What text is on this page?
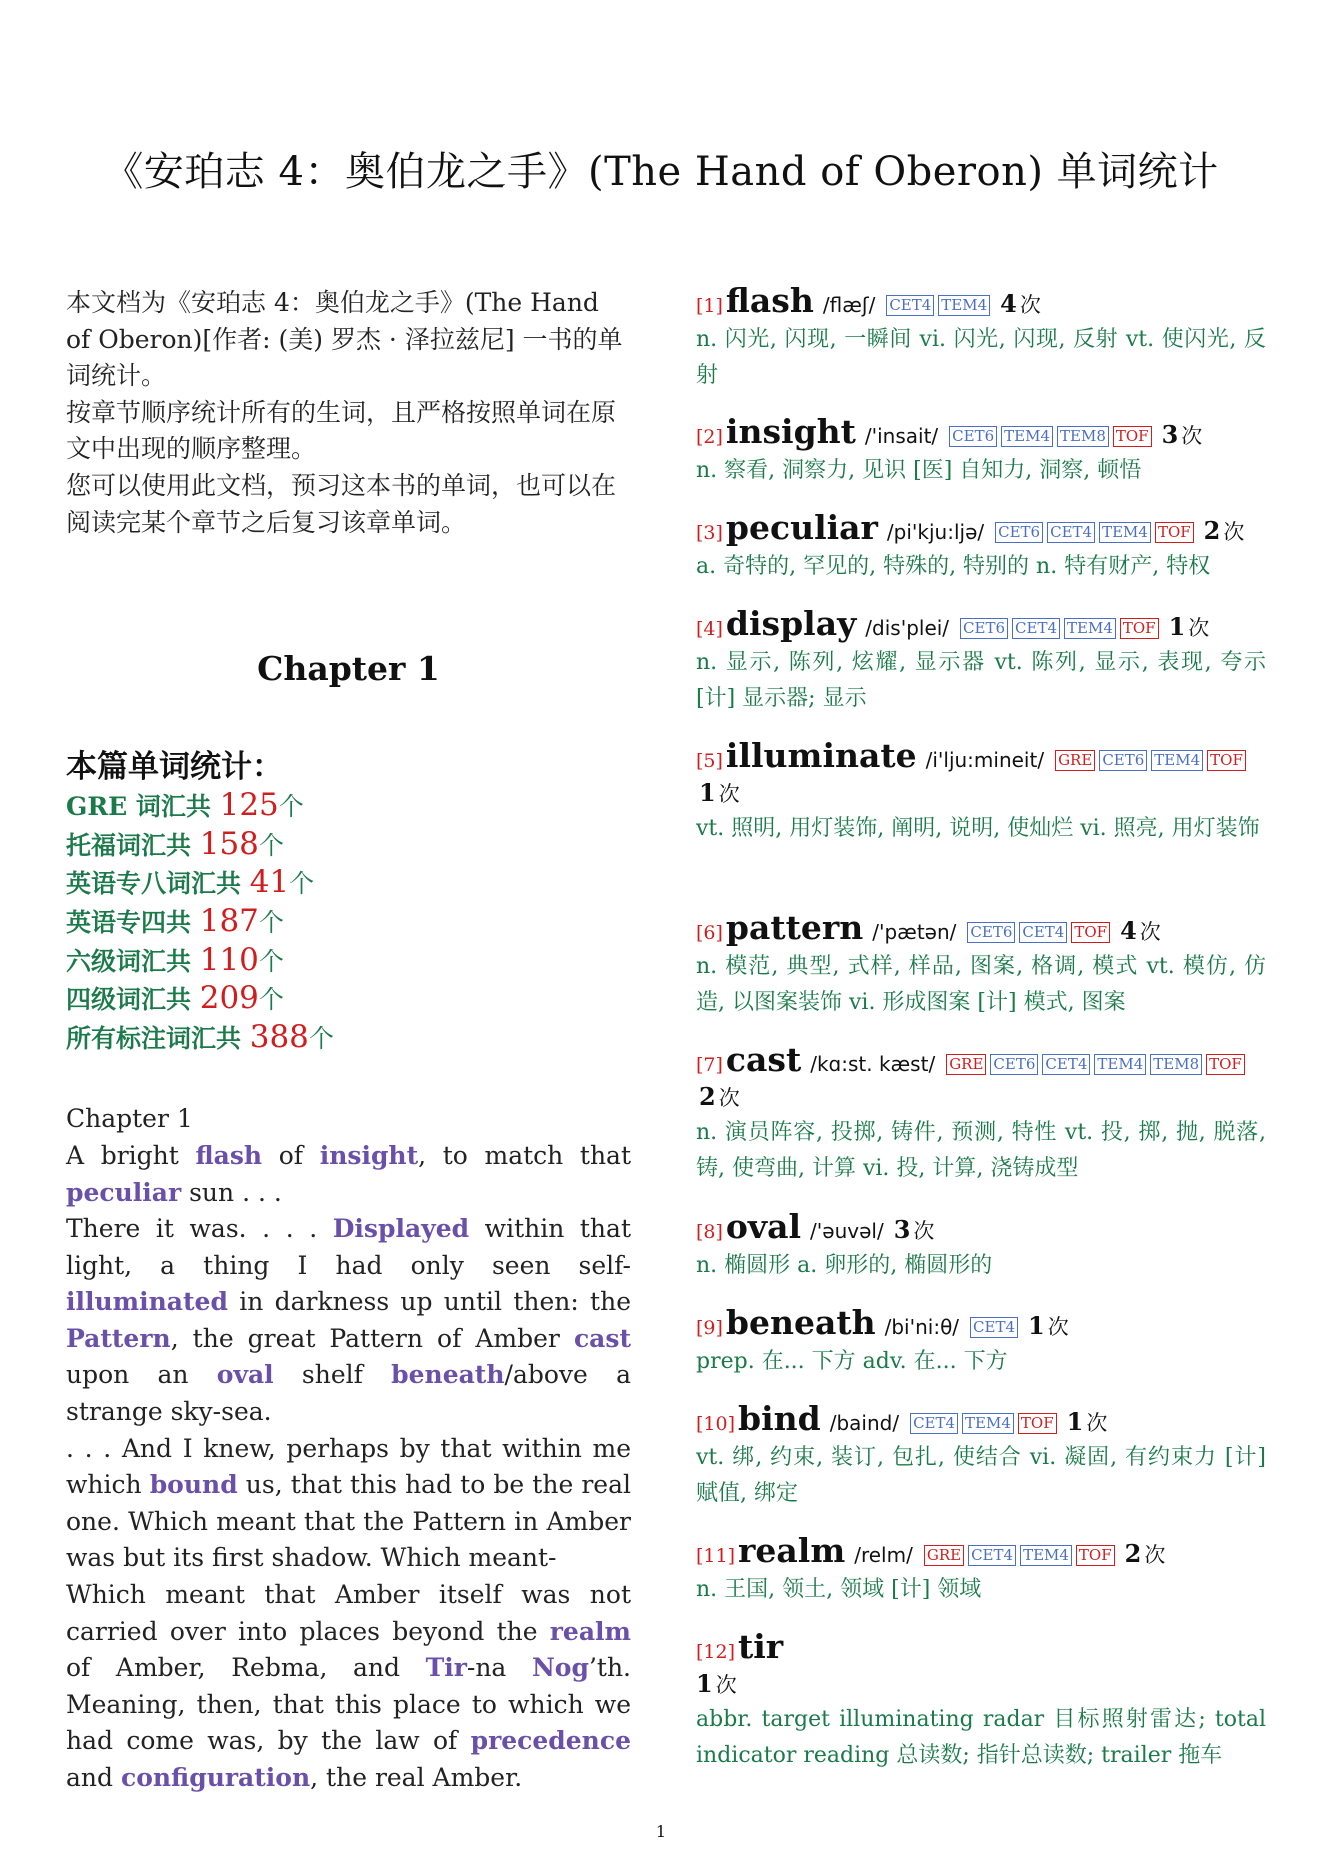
《安珀志 4：奥伯龙之手》(The Hand of Oberon) 单词统计

本文档为《安珀志 4：奥伯龙之手》(The Hand of Oberon)[作者: (美) 罗杰 · 泽拉兹尼] 一书的单词统计。

按章节顺序统计所有的生词，且严格按照单词在原文中出现的顺序整理。

您可以使用此文档，预习这本书的单词，也可以在阅读完某个章节之后复习该章单词。

Chapter 1
本篇单词统计：
GRE 词汇共 125个
托福词汇共 158个
英语专八词汇共 41个
英语专四共 187个
六级词汇共 110个
四级词汇共 209个
所有标注词汇共 388个

Chapter 1

A bright flash of insight, to match that peculiar sun . . .

There it was. . . . Displayed within that light, a thing I had only seen self-illuminated in darkness up until then: the Pattern, the great Pattern of Amber cast upon an oval shelf beneath/above a strange sky-sea.

. . . And I knew, perhaps by that within me which bound us, that this had to be the real one. Which meant that the Pattern in Amber was but its first shadow. Which meant-

Which meant that Amber itself was not carried over into places beyond the realm of Amber, Rebma, and Tir-na Nog’th. Meaning, then, that this place to which we had come was, by the law of precedence and configuration, the real Amber.

[1]flash /flæʃ/ CET4 TEM4 4 次

n. 闪光, 闪现, 一瞬间 vi. 闪光, 闪现, 反射 vt. 使闪光, 反射

[2]insight /'insait/ CET6 TEM4 TEM8 TOF 3 次

n. 察看, 洞察力, 见识 [医] 自知力, 洞察, 顿悟

[3]peculiar /pi'kju:ljə/ CET6 CET4 TEM4 TOF 2 次

a. 奇特的, 罕见的, 特殊的, 特别的 n. 特有财产, 特权

[4]display /dis'plei/ CET6 CET4 TEM4 TOF 1 次

n. 显示, 陈列, 炫耀, 显示器 vt. 陈列, 显示, 表现, 夸示 [计] 显示器; 显示

[5]illuminate /i'lju:mineit/ GRE CET6 TEM4 TOF 1 次

vt. 照明, 用灯装饰, 阐明, 说明, 使灿烂 vi. 照亮, 用灯装饰

[6]pattern /'pætən/ CET6 CET4 TOF 4 次

n. 模范, 典型, 式样, 样品, 图案, 格调, 模式 vt. 模仿, 仿造, 以图案装饰 vi. 形成图案 [计] 模式, 图案

[7]cast /kɑ:st. kæst/ GRE CET6 CET4 TEM4 TEM8 TOF 2 次

n. 演员阵容, 投掷, 铸件, 预测, 特性 vt. 投, 掷, 抛, 脱落, 铸, 使弯曲, 计算 vi. 投, 计算, 浇铸成型

[8]oval /'əuvəl/ 3 次

n. 椭圆形 a. 卵形的, 椭圆形的

[9]beneath /bi'ni:θ/ CET4 1 次

prep. 在... 下方 adv. 在... 下方

[10]bind /baind/ CET4 TEM4 TOF 1 次

vt. 绑, 约束, 装订, 包扎, 使结合 vi. 凝固, 有约束力 [计] 赋值, 绑定

[11]realm /relm/ GRE CET4 TEM4 TOF 2 次

n. 王国, 领土, 领域 [计] 领域

[12]tir
1 次

abbr. target illuminating radar 目标照射雷达; total indicator reading 总读数; 指针总读数; trailer 拖车

1
